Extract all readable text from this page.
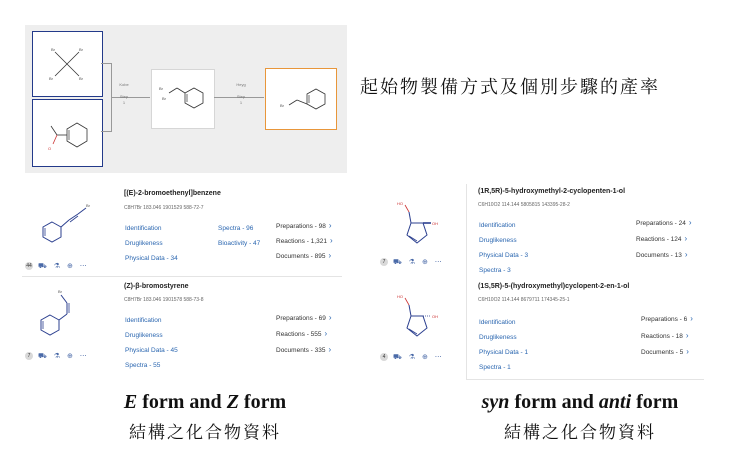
Br	Br
Br	Br
O
Kobe

Step
1
Br
Br
Heyg

Step
1
Br
起始物製備方式及個別步驟的產率
Br
44 ⛟ ⚗ ⊕ ⋯
[(E)-2-bromoethenyl]benzene
C8H7Br 183.046 1901529 588-72-7
Identification
Druglikeness
Physical Data - 34
Spectra - 96
Bioactivity - 47
Preparations - 98 ›
Reactions - 1,321 ›
Documents - 895 ›
Br
7 ⛟ ⚗ ⊕ ⋯
(Z)-β-bromostyrene
C8H7Br 183.046 1901578 588-73-8
Identification
Druglikeness
Physical Data - 45
Spectra - 55
Preparations - 69 ›
Reactions - 555 ›
Documents - 335 ›
HO
OH
7 ⛟ ⚗ ⊕ ⋯
(1R,5R)-5-hydroxymethyl-2-cyclopenten-1-ol
C6H10O2 114.144 5805815 143395-28-2
Identification
Druglikeness
Physical Data - 3
Spectra - 3
Preparations - 24 ›
Reactions - 124 ›
Documents - 13 ›
HO
OH
4 ⛟ ⚗ ⊕ ⋯
(1S,5R)-5-(hydroxymethyl)cyclopent-2-en-1-ol
C6H10O2 114.144 8679711 174345-25-1
Identification
Druglikeness
Physical Data - 1
Spectra - 1
Preparations - 6 ›
Reactions - 18 ›
Documents - 5 ›
E form and Z form
結構之化合物資料
syn form and anti form
結構之化合物資料
